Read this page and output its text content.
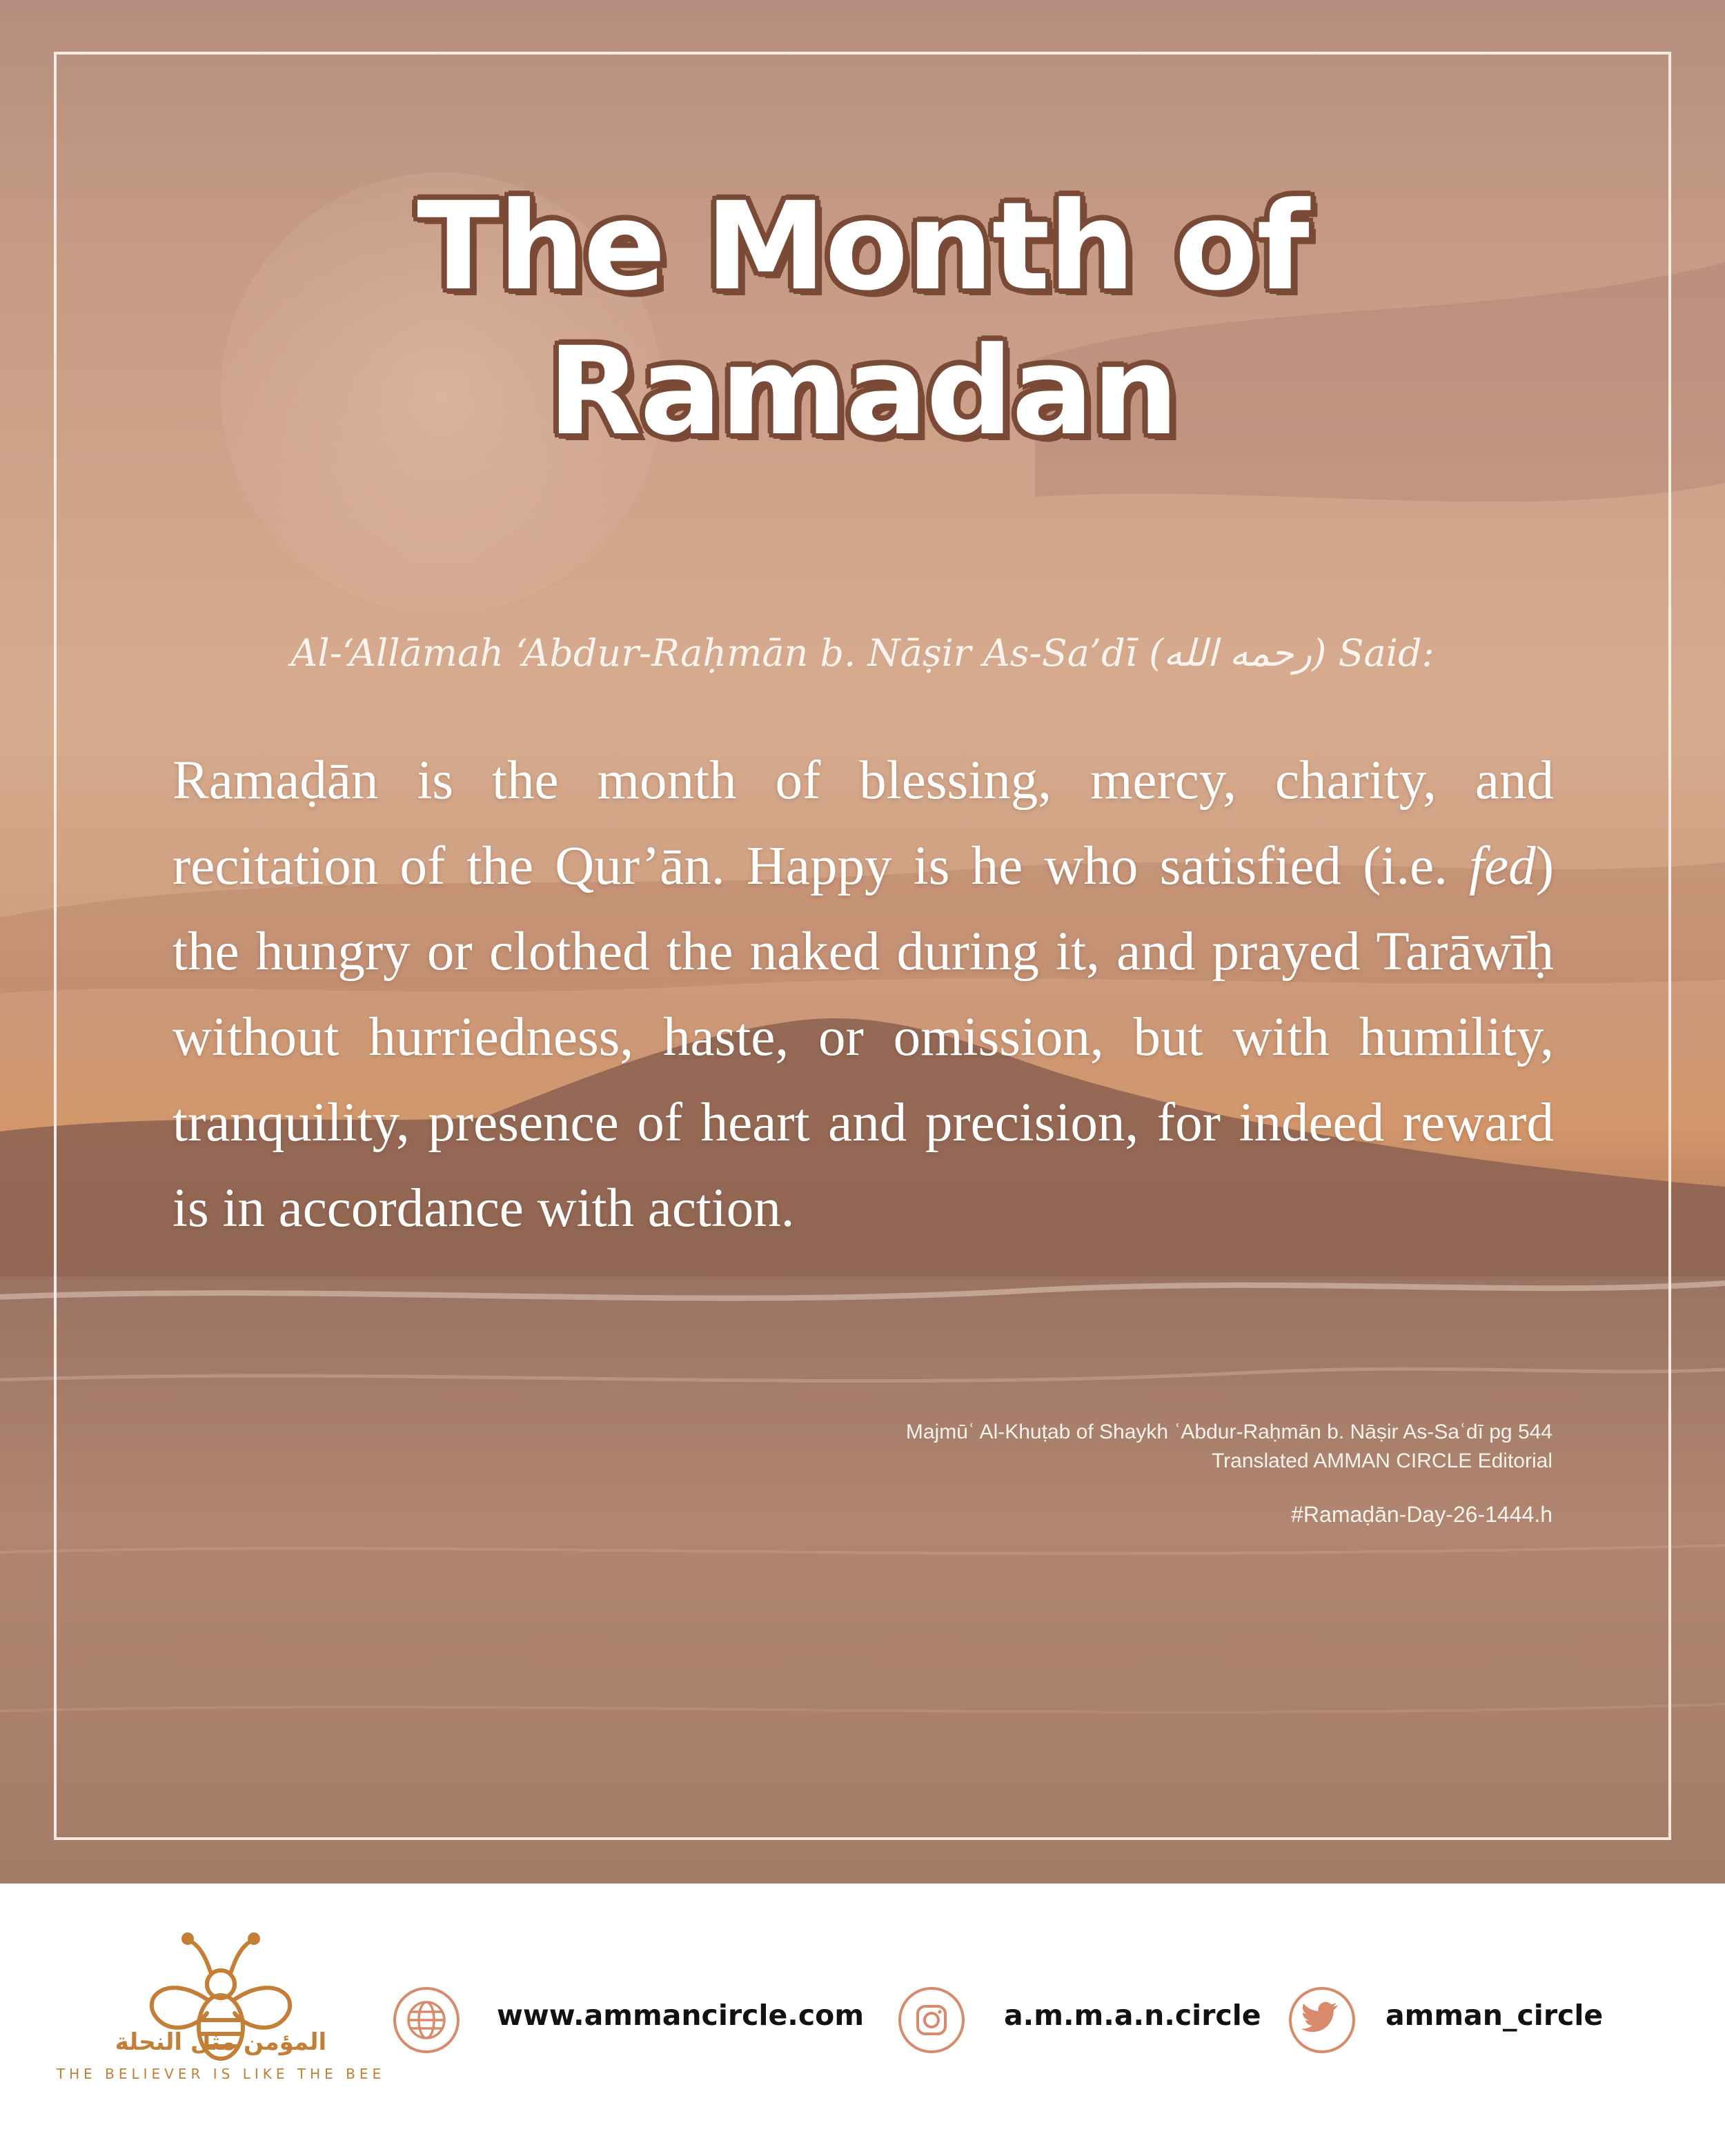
The Month of
Ramadan
Al-‘Allāmah ‘Abdur-Raḥmān b. Nāṣir As-Sa’dī (رحمه الله) Said:
Ramaḍān is the month of blessing, mercy, charity, and recitation of the Qur’ān. Happy is he who satisfied (i.e. fed) the hungry or clothed the naked during it, and prayed Tarāwīḥ without hurriedness, haste, or omission, but with humility, tranquility, presence of heart and precision, for indeed reward is in accordance with action.
Majmūʿ Al-Khuṭab of Shaykh ʿAbdur-Raḥmān b. Nāṣir As-Saʿdī pg 544
Translated AMMAN CIRCLE Editorial
#Ramaḍān-Day-26-1444.h
المؤمن مثل النحلة
THE BELIEVER IS LIKE THE BEE
www.ammancircle.com	a.m.m.a.n.circle	amman_circle
